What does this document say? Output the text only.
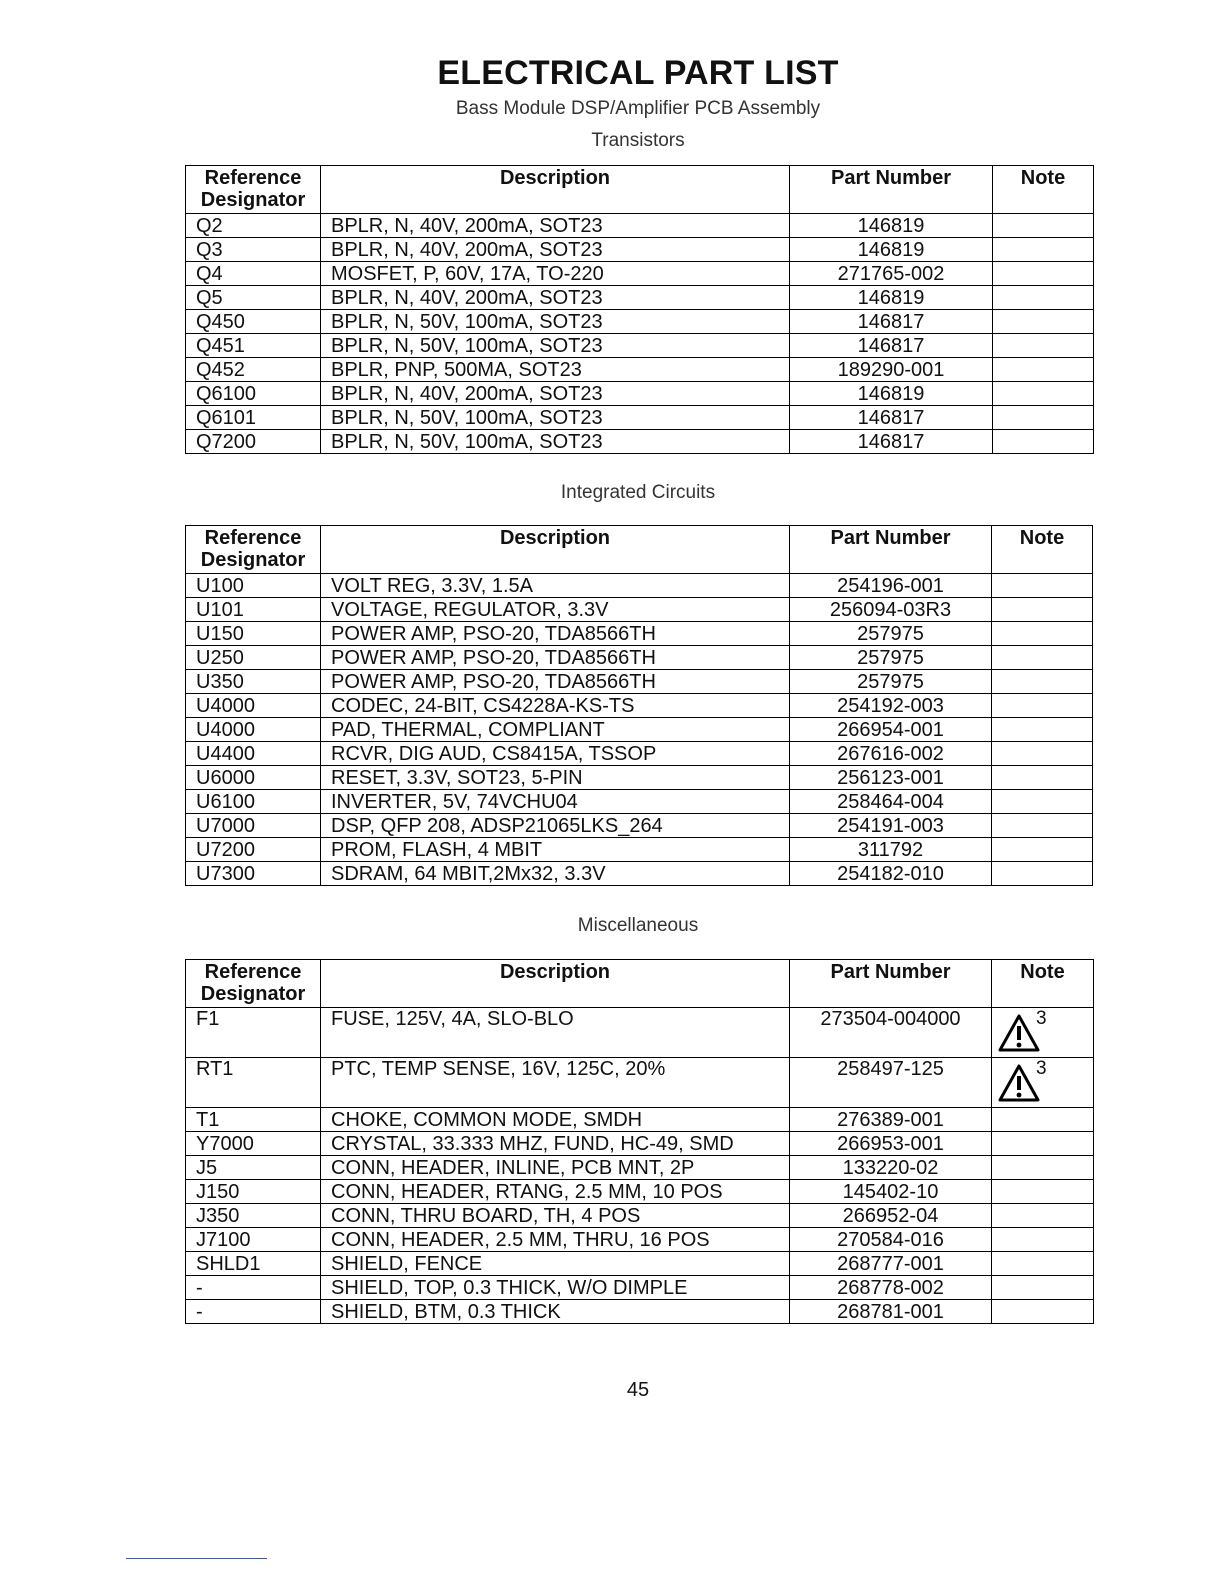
ELECTRICAL PART LIST
Bass Module DSP/Amplifier PCB Assembly
Transistors
Reference
Designator	Description	Part Number	Note
Q2	BPLR, N, 40V, 200mA, SOT23	146819	
Q3	BPLR, N, 40V, 200mA, SOT23	146819	
Q4	MOSFET, P, 60V, 17A, TO-220	271765-002	
Q5	BPLR, N, 40V, 200mA, SOT23	146819	
Q450	BPLR, N, 50V, 100mA, SOT23	146817	
Q451	BPLR, N, 50V, 100mA, SOT23	146817	
Q452	BPLR, PNP, 500MA, SOT23	189290-001	
Q6100	BPLR, N, 40V, 200mA, SOT23	146819	
Q6101	BPLR, N, 50V, 100mA, SOT23	146817	
Q7200	BPLR, N, 50V, 100mA, SOT23	146817	
Integrated Circuits
Reference
Designator	Description	Part Number	Note
U100	VOLT REG, 3.3V, 1.5A	254196-001	
U101	VOLTAGE, REGULATOR, 3.3V	256094-03R3	
U150	POWER AMP, PSO-20, TDA8566TH	257975	
U250	POWER AMP, PSO-20, TDA8566TH	257975	
U350	POWER AMP, PSO-20, TDA8566TH	257975	
U4000	CODEC, 24-BIT, CS4228A-KS-TS	254192-003	
U4000	PAD, THERMAL, COMPLIANT	266954-001	
U4400	RCVR, DIG AUD, CS8415A, TSSOP	267616-002	
U6000	RESET, 3.3V, SOT23, 5-PIN	256123-001	
U6100	INVERTER, 5V, 74VCHU04	258464-004	
U7000	DSP, QFP 208, ADSP21065LKS_264	254191-003	
U7200	PROM, FLASH, 4 MBIT	311792	
U7300	SDRAM, 64 MBIT,2Mx32, 3.3V	254182-010	
Miscellaneous
Reference
Designator	Description	Part Number	Note
F1	FUSE, 125V, 4A, SLO-BLO	273504-004000	3

RT1	PTC, TEMP SENSE, 16V, 125C, 20%	258497-125	3

T1	CHOKE, COMMON MODE, SMDH	276389-001	
Y7000	CRYSTAL, 33.333 MHZ, FUND, HC-49, SMD	266953-001	
J5	CONN, HEADER, INLINE, PCB MNT, 2P	133220-02	
J150	CONN, HEADER, RTANG, 2.5 MM, 10 POS	145402-10	
J350	CONN, THRU BOARD, TH, 4 POS	266952-04	
J7100	CONN, HEADER, 2.5 MM, THRU, 16 POS	270584-016	
SHLD1	SHIELD, FENCE	268777-001	
-	SHIELD, TOP, 0.3 THICK, W/O DIMPLE	268778-002	
-	SHIELD, BTM, 0.3 THICK	268781-001	
45
